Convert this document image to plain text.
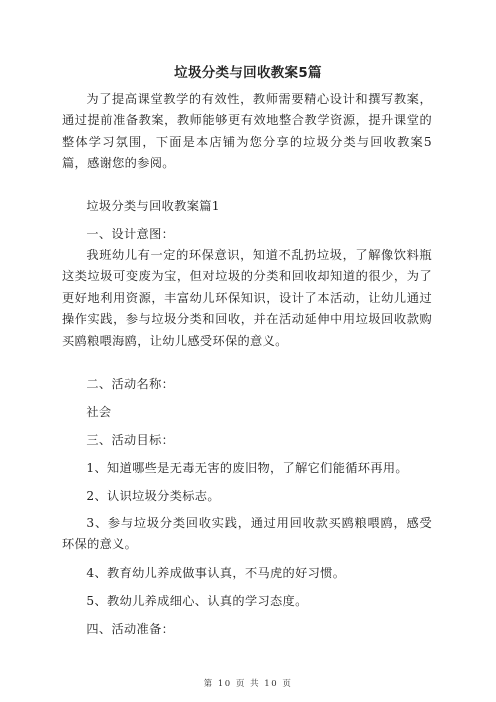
垃圾分类与回收教案5篇

为了提高课堂教学的有效性，教师需要精心设计和撰写教案，通过提前准备教案，教师能够更有效地整合教学资源，提升课堂的整体学习氛围，下面是本店铺为您分享的垃圾分类与回收教案5篇，感谢您的参阅。

垃圾分类与回收教案篇1

一、设计意图：

我班幼儿有一定的环保意识，知道不乱扔垃圾，了解像饮料瓶这类垃圾可变废为宝，但对垃圾的分类和回收却知道的很少，为了更好地利用资源，丰富幼儿环保知识，设计了本活动，让幼儿通过操作实践，参与垃圾分类和回收，并在活动延伸中用垃圾回收款购买鸥粮喂海鸥，让幼儿感受环保的意义。

二、活动名称：

社会

三、活动目标：

1、知道哪些是无毒无害的废旧物，了解它们能循环再用。

2、认识垃圾分类标志。

3、参与垃圾分类回收实践，通过用回收款买鸥粮喂鸥，感受环保的意义。

4、教育幼儿养成做事认真，不马虎的好习惯。

5、教幼儿养成细心、认真的学习态度。

四、活动准备：

第 10 页 共 10 页
